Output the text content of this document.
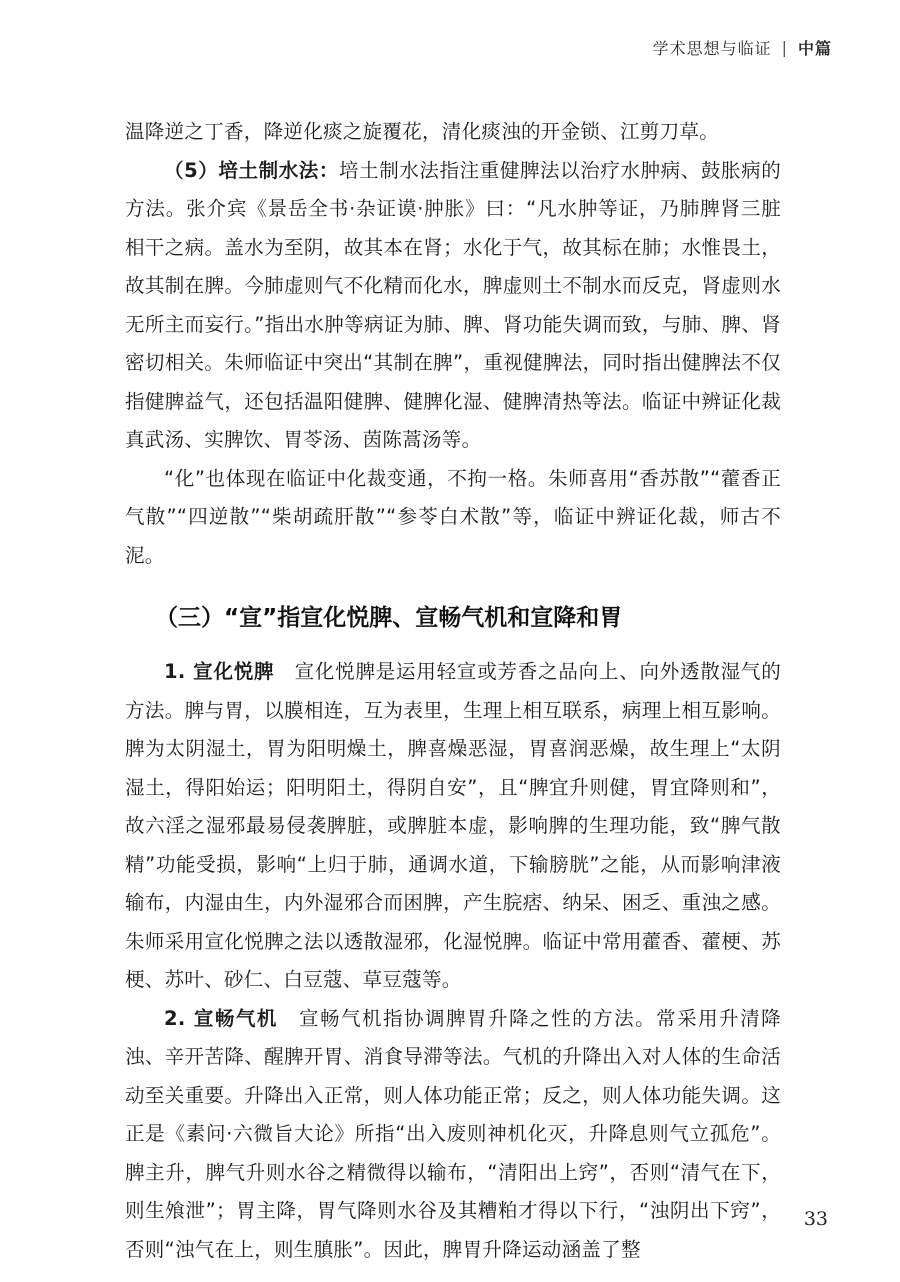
学术思想与临证 | 中篇

温降逆之丁香，降逆化痰之旋覆花，清化痰浊的开金锁、江剪刀草。

（5）培土制水法：培土制水法指注重健脾法以治疗水肿病、鼓胀病的方法。张介宾《景岳全书·杂证谟·肿胀》曰：“凡水肿等证，乃肺脾肾三脏相干之病。盖水为至阴，故其本在肾；水化于气，故其标在肺；水惟畏土，故其制在脾。今肺虚则气不化精而化水，脾虚则土不制水而反克，肾虚则水无所主而妄行。”指出水肿等病证为肺、脾、肾功能失调而致，与肺、脾、肾密切相关。朱师临证中突出“其制在脾”，重视健脾法，同时指出健脾法不仅指健脾益气，还包括温阳健脾、健脾化湿、健脾清热等法。临证中辨证化裁真武汤、实脾饮、胃苓汤、茵陈蒿汤等。

“化”也体现在临证中化裁变通，不拘一格。朱师喜用“香苏散”“藿香正气散”“四逆散”“柴胡疏肝散”“参苓白术散”等，临证中辨证化裁，师古不泥。

（三）“宣”指宣化悦脾、宣畅气机和宣降和胃

1. 宣化悦脾　 宣化悦脾是运用轻宣或芳香之品向上、向外透散湿气的方法。脾与胃，以膜相连，互为表里，生理上相互联系，病理上相互影响。脾为太阴湿土，胃为阳明燥土，脾喜燥恶湿，胃喜润恶燥，故生理上“太阴湿土，得阳始运；阳明阳土，得阴自安”，且“脾宜升则健，胃宜降则和”，故六淫之湿邪最易侵袭脾脏，或脾脏本虚，影响脾的生理功能，致“脾气散精”功能受损，影响“上归于肺，通调水道，下输膀胱”之能，从而影响津液输布，内湿由生，内外湿邪合而困脾，产生脘痞、纳呆、困乏、重浊之感。朱师采用宣化悦脾之法以透散湿邪，化湿悦脾。临证中常用藿香、藿梗、苏梗、苏叶、砂仁、白豆蔻、草豆蔻等。

2. 宣畅气机　 宣畅气机指协调脾胃升降之性的方法。常采用升清降浊、辛开苦降、醒脾开胃、消食导滞等法。气机的升降出入对人体的生命活动至关重要。升降出入正常，则人体功能正常；反之，则人体功能失调。这正是《素问·六微旨大论》所指“出入废则神机化灭，升降息则气立孤危”。脾主升，脾气升则水谷之精微得以输布，“清阳出上窍”，否则“清气在下，则生飧泄”；胃主降，胃气降则水谷及其糟粕才得以下行，“浊阴出下窍”，否则“浊气在上，则生䐜胀”。因此，脾胃升降运动涵盖了整

33
